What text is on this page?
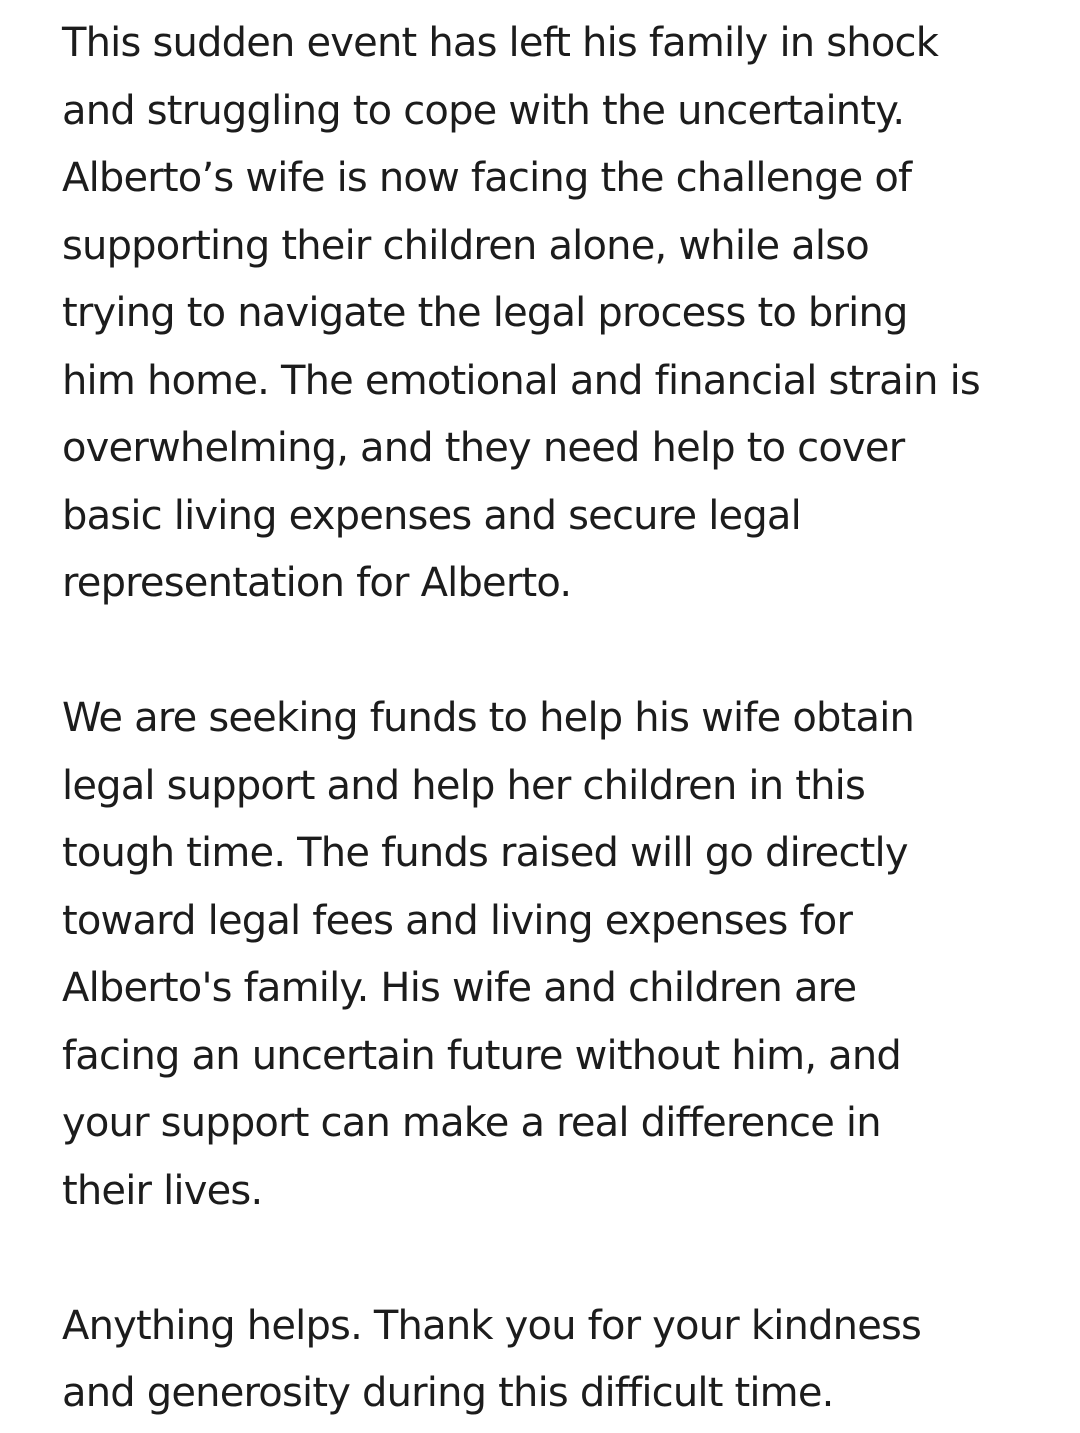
This sudden event has left his family in shock
and struggling to cope with the uncertainty.
Alberto’s wife is now facing the challenge of
supporting their children alone, while also
trying to navigate the legal process to bring
him home. The emotional and financial strain is
overwhelming, and they need help to cover
basic living expenses and secure legal
representation for Alberto.
We are seeking funds to help his wife obtain
legal support and help her children in this
tough time. The funds raised will go directly
toward legal fees and living expenses for
Alberto's family. His wife and children are
facing an uncertain future without him, and
your support can make a real difference in
their lives.
Anything helps. Thank you for your kindness
and generosity during this difficult time.
